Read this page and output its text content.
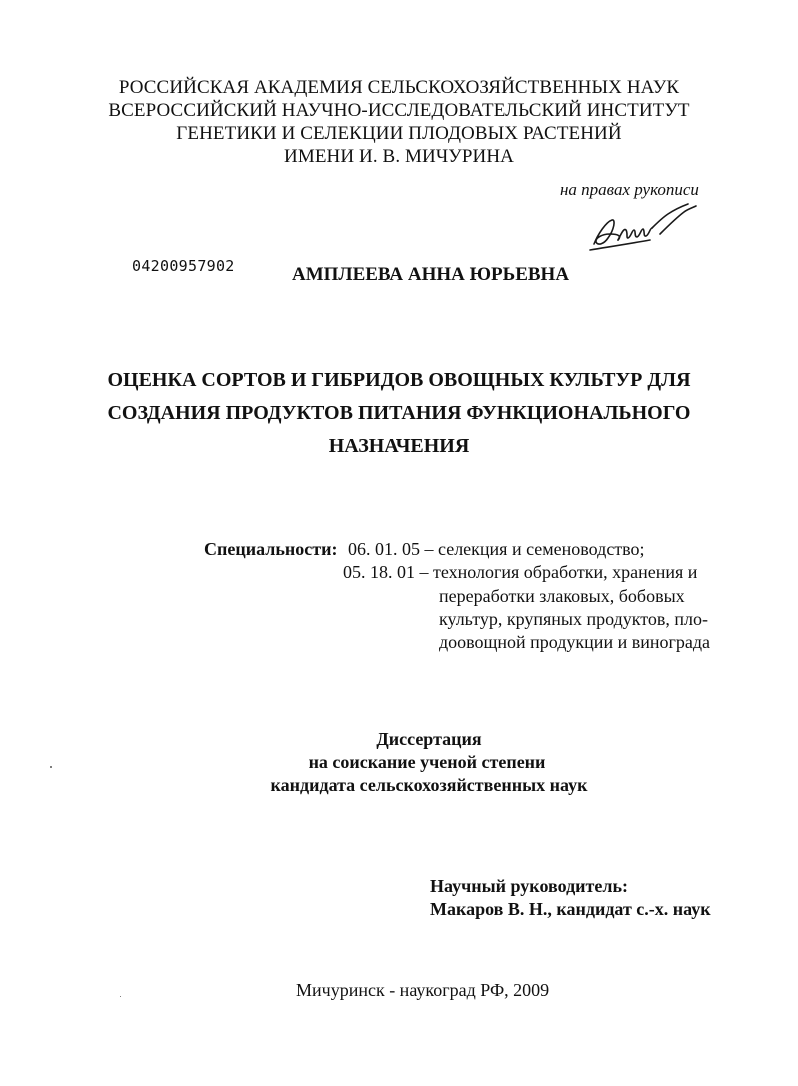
РОССИЙСКАЯ АКАДЕМИЯ СЕЛЬСКОХОЗЯЙСТВЕННЫХ НАУК
ВСЕРОССИЙСКИЙ НАУЧНО-ИССЛЕДОВАТЕЛЬСКИЙ ИНСТИТУТ
ГЕНЕТИКИ И СЕЛЕКЦИИ ПЛОДОВЫХ РАСТЕНИЙ
ИМЕНИ И. В. МИЧУРИНА
на правах рукописи
04200957902	АМПЛЕЕВА АННА ЮРЬЕВНА
ОЦЕНКА СОРТОВ И ГИБРИДОВ ОВОЩНЫХ КУЛЬТУР ДЛЯ
СОЗДАНИЯ ПРОДУКТОВ ПИТАНИЯ ФУНКЦИОНАЛЬНОГО
НАЗНАЧЕНИЯ
Специальности: 06. 01. 05 – селекция и семеноводство;
05. 18. 01 – технология обработки, хранения и
переработки злаковых, бобовых
культур, крупяных продуктов, пло-
доовощной продукции и винограда
Диссертация
на соискание ученой степени
кандидата сельскохозяйственных наук
Научный руководитель:
Макаров В. Н., кандидат с.-х. наук
Мичуринск - наукоград РФ, 2009
